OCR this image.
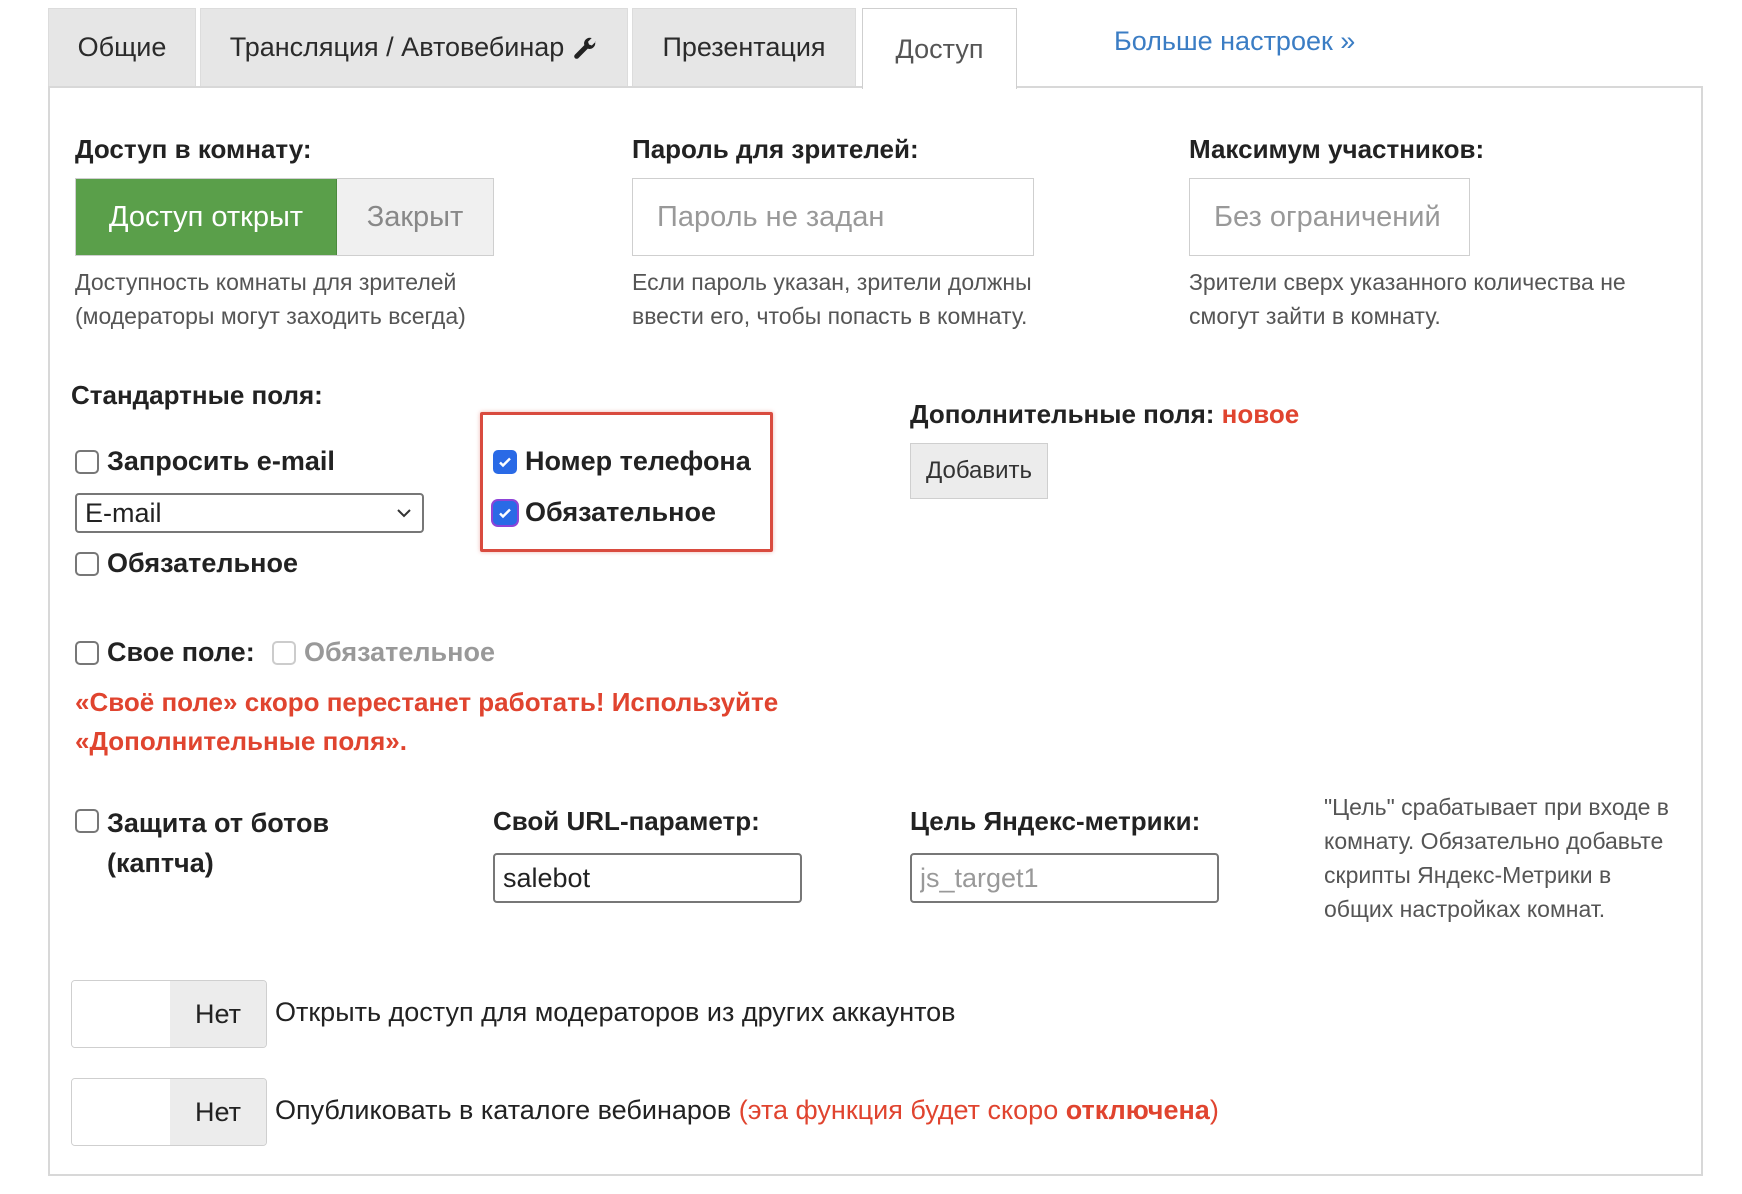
Общие Трансляция / Автовебинар	Презентация	Доступ	Больше настроек »
Доступ в комнату:
Доступ открыт	Закрыт
Доступность комнаты для зрителей (модераторы могут заходить всегда)
Пароль для зрителей:
Пароль не задан
Если пароль указан, зрители должны ввести его, чтобы попасть в комнату.
Максимум участников:
Без ограничений
Зрители сверх указанного количества не смогут зайти в комнату.
Стандартные поля:
Запросить e-mail
E-mail
Обязательное
Номер телефона
Обязательное
Дополнительные поля: новое
Добавить
Свое поле: Обязательное
«Своё поле» скоро перестанет работать! Используйте «Дополнительные поля».
Защита от ботов (каптча)
Свой URL-параметр:
salebot	Цель Яндекс-метрики:
js_target1	"Цель" срабатывает при входе в комнату. Обязательно добавьте скрипты Яндекс-Метрики в общих настройках комнат.
Нет	Открыть доступ для модераторов из других аккаунтов
Нет	Опубликовать в каталоге вебинаров (эта функция будет скоро отключена)
